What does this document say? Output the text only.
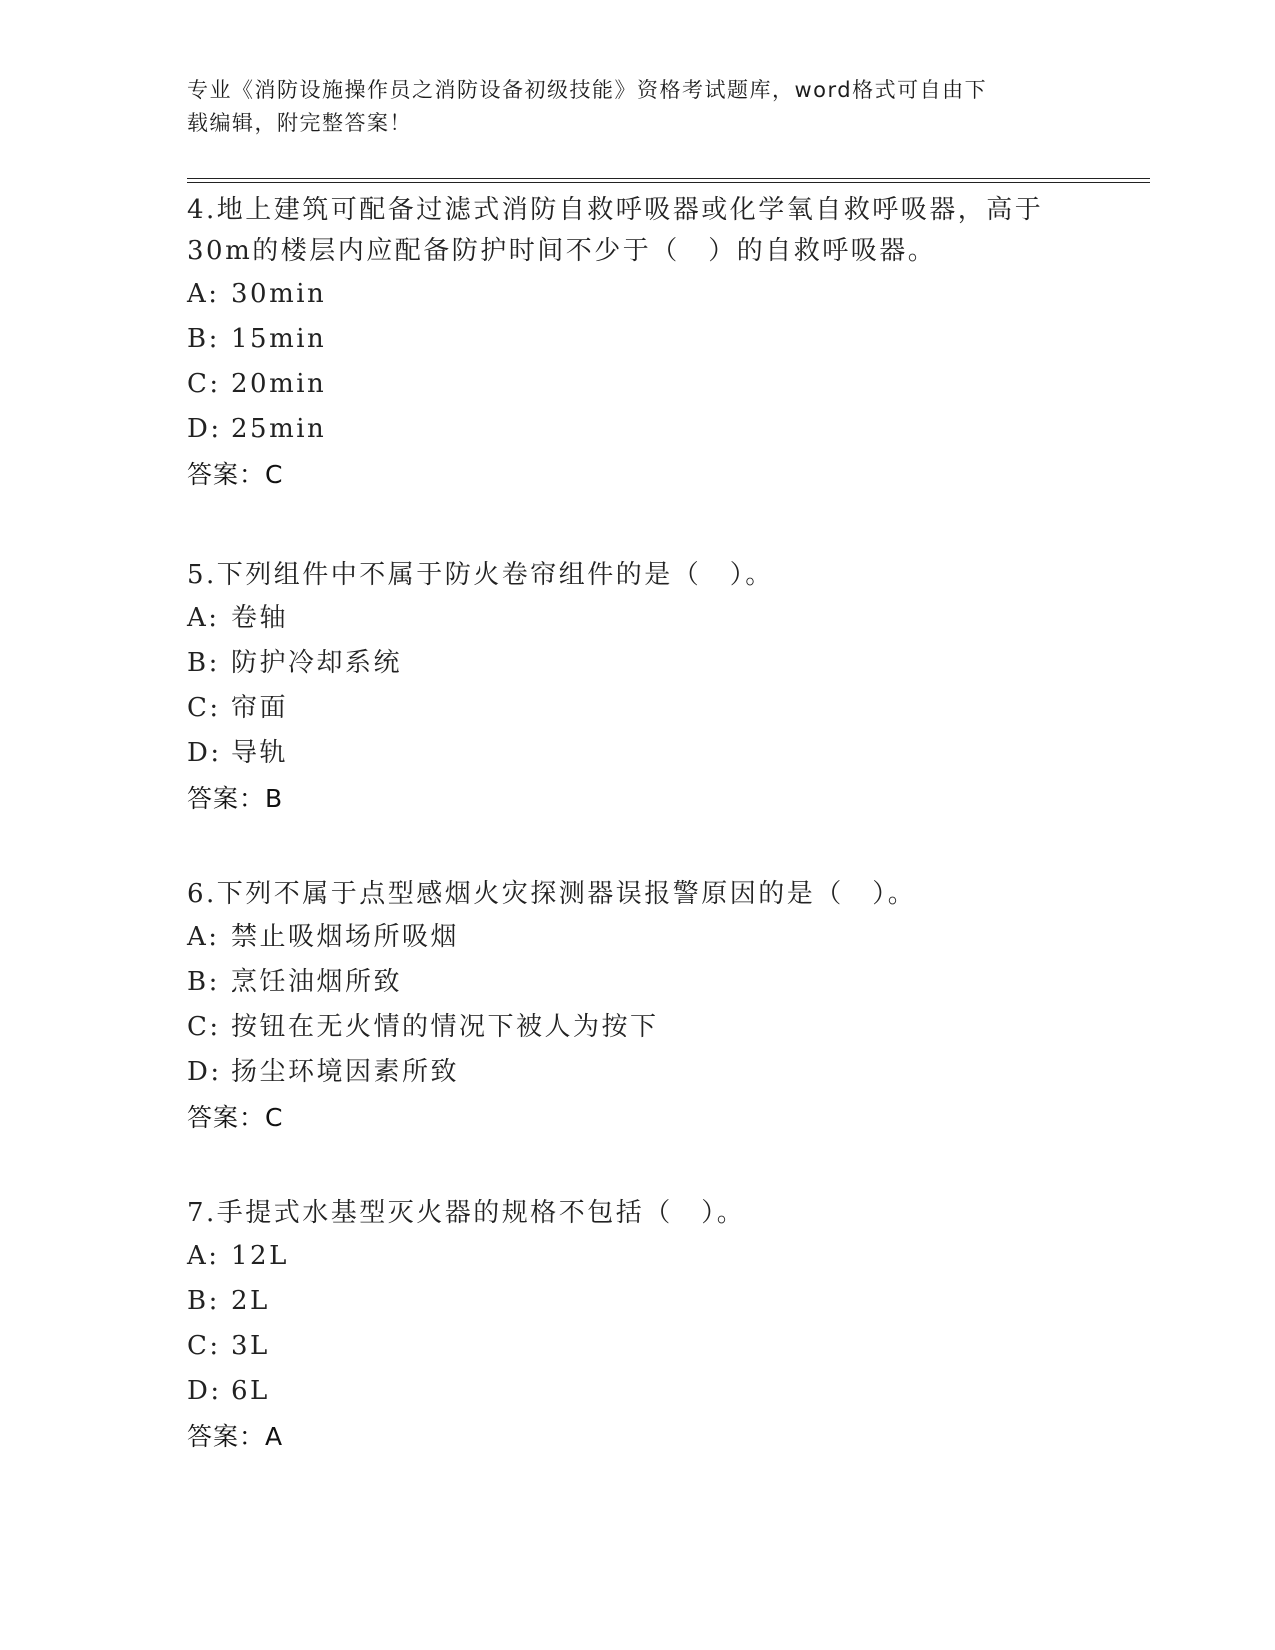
专业《消防设施操作员之消防设备初级技能》资格考试题库，word格式可自由下
载编辑，附完整答案！
4.地上建筑可配备过滤式消防自救呼吸器或化学氧自救呼吸器，高于
30m的楼层内应配备防护时间不少于（　）的自救呼吸器。
A: 30min
B: 15min
C: 20min
D: 25min
答案：C
5.下列组件中不属于防火卷帘组件的是（　）。
A: 卷轴
B: 防护冷却系统
C: 帘面
D: 导轨
答案：B
6.下列不属于点型感烟火灾探测器误报警原因的是（　）。
A: 禁止吸烟场所吸烟
B: 烹饪油烟所致
C: 按钮在无火情的情况下被人为按下
D: 扬尘环境因素所致
答案：C
7.手提式水基型灭火器的规格不包括（　）。
A: 12L
B: 2L
C: 3L
D: 6L
答案：A
